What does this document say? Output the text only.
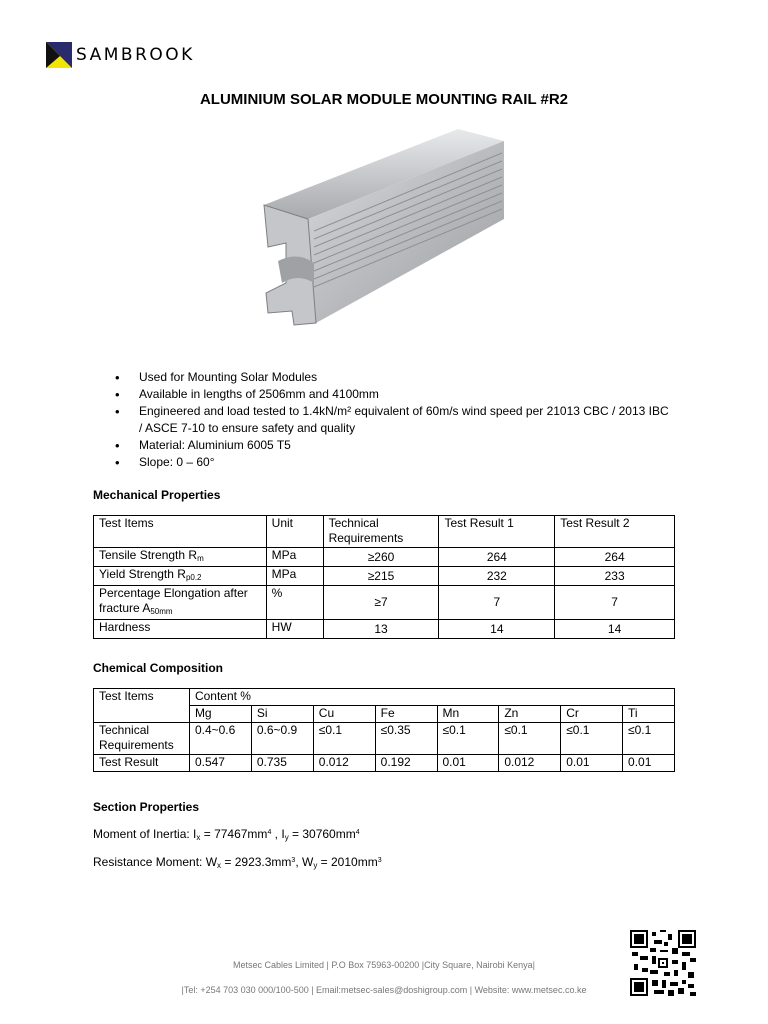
SAMBROOK
ALUMINIUM SOLAR MODULE MOUNTING RAIL #R2
• Used for Mounting Solar Modules
• Available in lengths of 2506mm and 4100mm
• Engineered and load tested to 1.4kN/m² equivalent of 60m/s wind speed per 21013 CBC / 2013 IBC / ASCE 7-10 to ensure safety and quality
• Material: Aluminium 6005 T5
• Slope: 0 – 60°
Mechanical Properties
Test Items	Unit	Technical Requirements	Test Result 1	Test Result 2
Tensile Strength $R_m$	MPa	≥260	264	264
Yield Strength $R_{p0.2}$	MPa	≥215	232	233
Percentage Elongation after fracture $A_{50mm}$	%	≥7	7	7
Hardness	HW	13	14	14
Chemical Composition
Test Items	Content %							
	Mg	Si	Cu	Fe	Mn	Zn	Cr	Ti
Technical Requirements	0.4~0.6	0.6~0.9	≤0.1	≤0.35	≤0.1	≤0.1	≤0.1	≤0.1
Test Result	0.547	0.735	0.012	0.192	0.01	0.012	0.01	0.01
Section Properties
Moment of Inertia: $I_x = 77467mm^4$ , $I_y = 30760mm^4$
Resistance Moment: $W_x = 2923.3mm^3$, $W_y = 2010mm^3$
Metsec Cables Limited | P.O Box 75963-00200 |City Square, Nairobi Kenya|
|Tel: +254 703 030 000/100-500 | Email:metsec-sales@doshigroup.com | Website: www.metsec.co.ke
